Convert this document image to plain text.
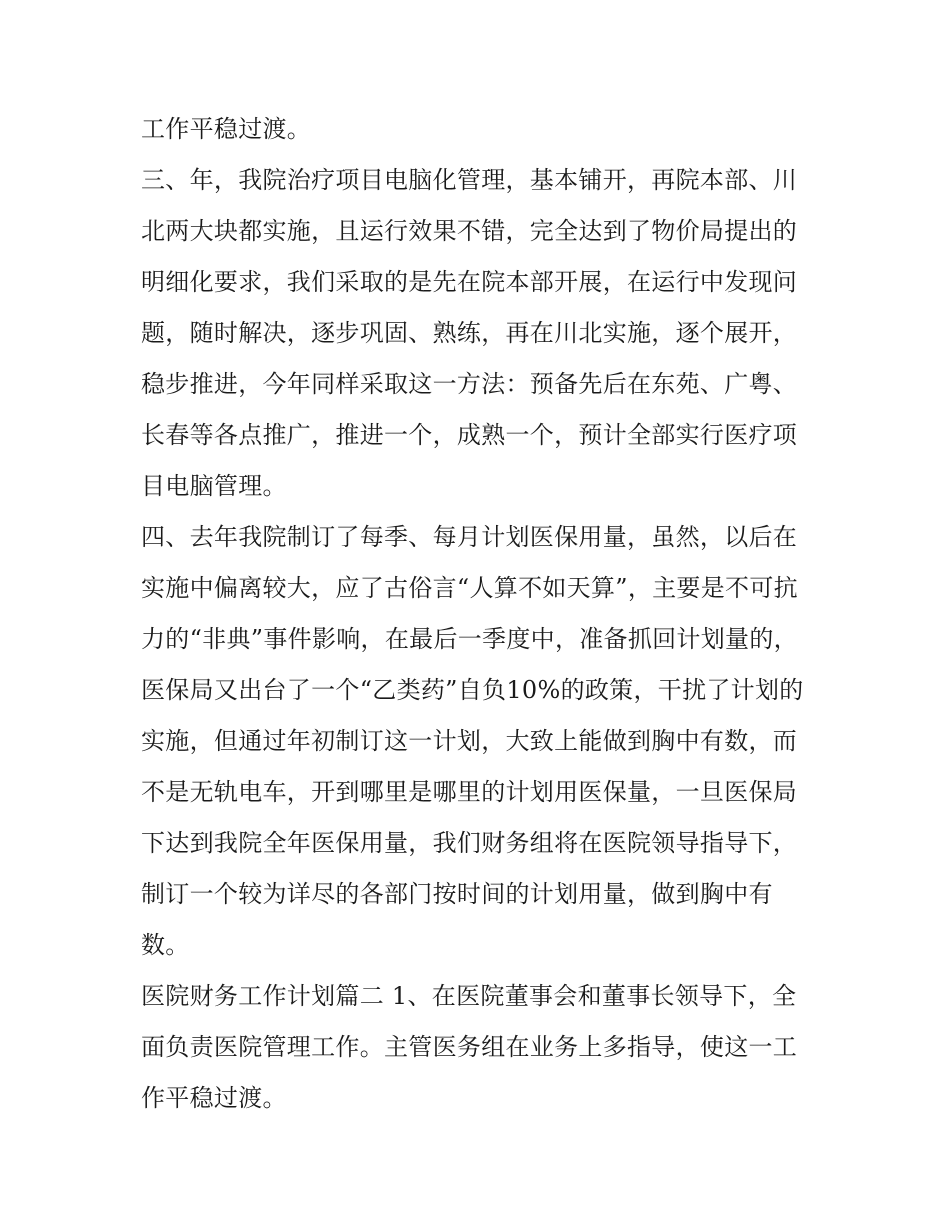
工作平稳过渡。
三、年，我院治疗项目电脑化管理，基本铺开，再院本部、川
北两大块都实施，且运行效果不错，完全达到了物价局提出的
明细化要求，我们采取的是先在院本部开展，在运行中发现问
题，随时解决，逐步巩固、熟练，再在川北实施，逐个展开，
稳步推进，今年同样采取这一方法：预备先后在东苑、广粤、
长春等各点推广，推进一个，成熟一个，预计全部实行医疗项
目电脑管理。
四、去年我院制订了每季、每月计划医保用量，虽然，以后在
实施中偏离较大，应了古俗言“人算不如天算”，主要是不可抗
力的“非典”事件影响，在最后一季度中，准备抓回计划量的，
医保局又出台了一个“乙类药”自负10%的政策，干扰了计划的
实施，但通过年初制订这一计划，大致上能做到胸中有数，而
不是无轨电车，开到哪里是哪里的计划用医保量，一旦医保局
下达到我院全年医保用量，我们财务组将在医院领导指导下，
制订一个较为详尽的各部门按时间的计划用量，做到胸中有
数。
医院财务工作计划篇二 1、在医院董事会和董事长领导下，全
面负责医院管理工作。主管医务组在业务上多指导，使这一工
作平稳过渡。
